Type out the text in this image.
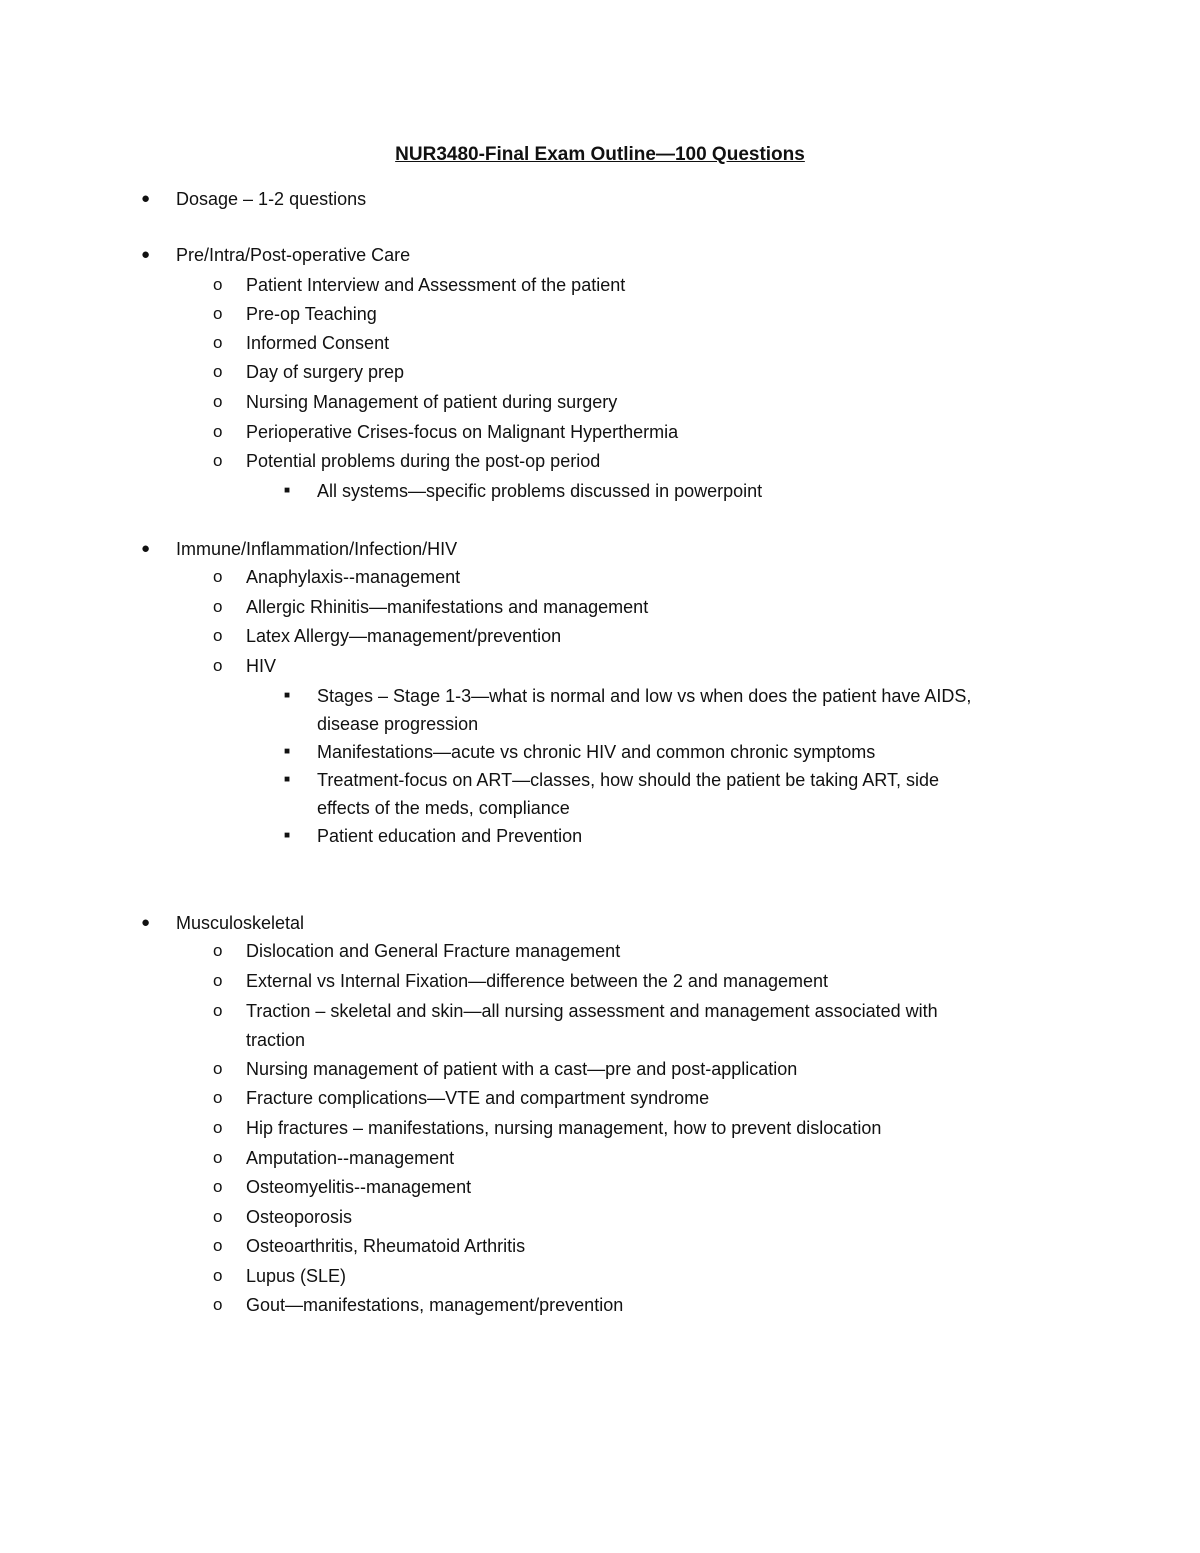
NUR3480-Final Exam Outline—100 Questions
● Dosage – 1-2 questions
● Pre/Intra/Post-operative Care
o Patient Interview and Assessment of the patient
o Pre-op Teaching
o Informed Consent
o Day of surgery prep
o Nursing Management of patient during surgery
o Perioperative Crises-focus on Malignant Hyperthermia
o Potential problems during the post-op period
■ All systems—specific problems discussed in powerpoint
● Immune/Inflammation/Infection/HIV
o Anaphylaxis--management
o Allergic Rhinitis—manifestations and management
o Latex Allergy—management/prevention
o HIV
■ Stages – Stage 1-3—what is normal and low vs when does the patient have AIDS,
disease progression
■ Manifestations—acute vs chronic HIV and common chronic symptoms
■ Treatment-focus on ART—classes, how should the patient be taking ART, side
effects of the meds, compliance
■ Patient education and Prevention
● Musculoskeletal
o Dislocation and General Fracture management
o External vs Internal Fixation—difference between the 2 and management
o Traction – skeletal and skin—all nursing assessment and management associated with
traction
o Nursing management of patient with a cast—pre and post-application
o Fracture complications—VTE and compartment syndrome
o Hip fractures – manifestations, nursing management, how to prevent dislocation
o Amputation--management
o Osteomyelitis--management
o Osteoporosis
o Osteoarthritis, Rheumatoid Arthritis
o Lupus (SLE)
o Gout—manifestations, management/prevention
